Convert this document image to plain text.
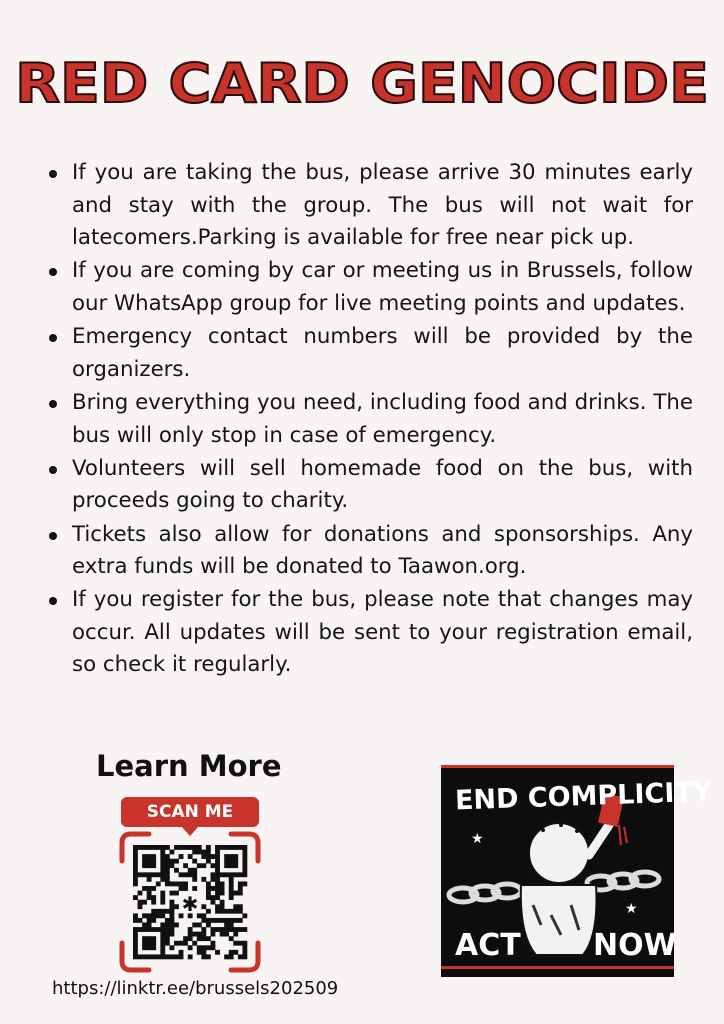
RED CARD GENOCIDE
If you are taking the bus, please arrive 30 minutes early and stay with the group. The bus will not wait for latecomers.Parking is available for free near pick up.
If you are coming by car or meeting us in Brussels, follow our WhatsApp group for live meeting points and updates.
Emergency contact numbers will be provided by the organizers.
Bring everything you need, including food and drinks. The bus will only stop in case of emergency.
Volunteers will sell homemade food on the bus, with proceeds going to charity.
Tickets also allow for donations and sponsorships. Any extra funds will be donated to Taawon.org.
If you register for the bus, please note that changes may occur. All updates will be sent to your registration email, so check it regularly.
Learn More
SCAN ME
✱
https://linktr.ee/brussels202509
★
★
END COMPLICITY
ACT NOW
